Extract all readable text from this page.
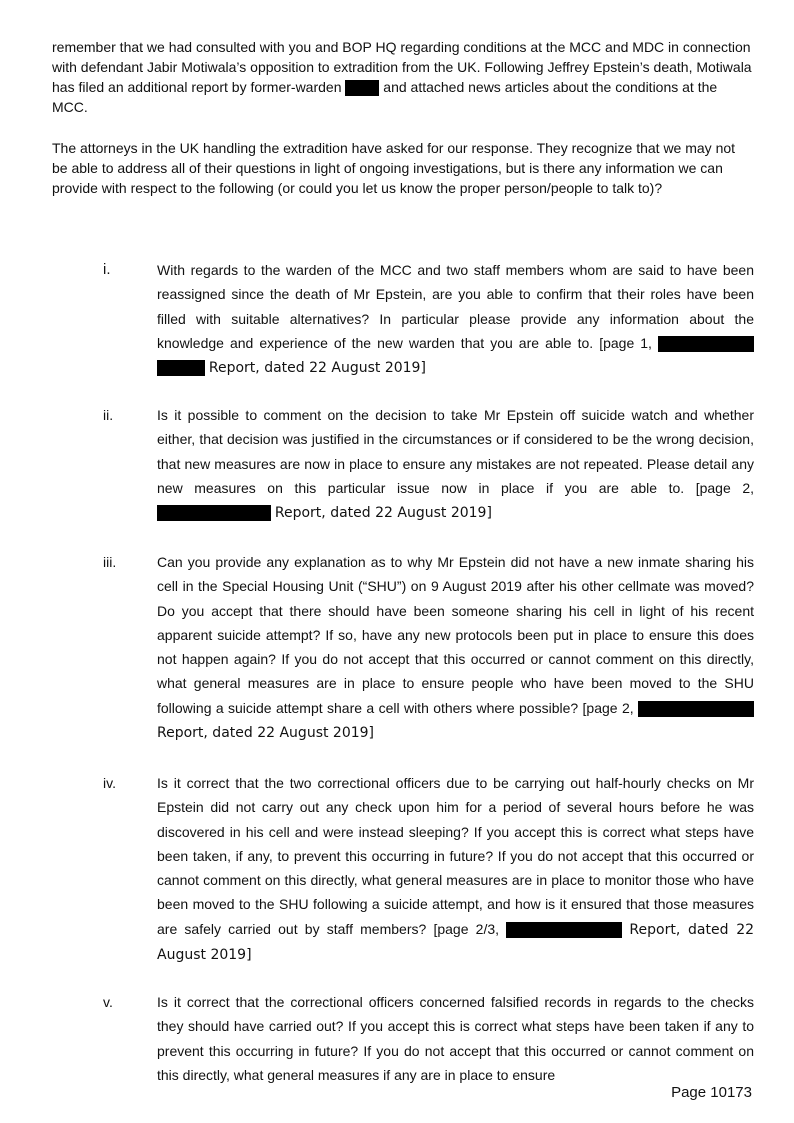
remember that we had consulted with you and BOP HQ regarding conditions at the MCC and MDC in connection with defendant Jabir Motiwala’s opposition to extradition from the UK. Following Jeffrey Epstein’s death, Motiwala has filed an additional report by former-warden	and attached news articles about the conditions at the MCC.

The attorneys in the UK handling the extradition have asked for our response. They recognize that we may not be able to address all of their questions in light of ongoing investigations, but is there any information we can provide with respect to the following (or could you let us know the proper person/people to talk to)?

i.	With regards to the warden of the MCC and two staff members whom are said to have been reassigned since the death of Mr Epstein, are you able to confirm that their roles have been filled with suitable alternatives? In particular please provide any information about the knowledge and experience of the new warden that you are able to. [page 1,   Report, dated 22 August 2019]

ii.	Is it possible to comment on the decision to take Mr Epstein off suicide watch and whether either, that decision was justified in the circumstances or if considered to be the wrong decision, that new measures are now in place to ensure any mistakes are not repeated. Please detail any new measures on this particular issue now in place if you are able to. [page 2,  Report, dated 22 August 2019]

iii.	Can you provide any explanation as to why Mr Epstein did not have a new inmate sharing his cell in the Special Housing Unit (“SHU”) on 9 August 2019 after his other cellmate was moved? Do you accept that there should have been someone sharing his cell in light of his recent apparent suicide attempt? If so, have any new protocols been put in place to ensure this does not happen again? If you do not accept that this occurred or cannot comment on this directly, what general measures are in place to ensure people who have been moved to the SHU following a suicide attempt share a cell with others where possible? [page 2,  Report, dated 22 August 2019]

iv.	Is it correct that the two correctional officers due to be carrying out half-hourly checks on Mr Epstein did not carry out any check upon him for a period of several hours before he was discovered in his cell and were instead sleeping? If you accept this is correct what steps have been taken, if any, to prevent this occurring in future? If you do not accept that this occurred or cannot comment on this directly, what general measures are in place to monitor those who have been moved to the SHU following a suicide attempt, and how is it ensured that those measures are safely carried out by staff members? [page 2/3,	Report, dated 22 August 2019]

v.	Is it correct that the correctional officers concerned falsified records in regards to the checks they should have carried out? If you accept this is correct what steps have been taken if any to prevent this occurring in future? If you do not accept that this occurred or cannot comment on this directly, what general measures if any are in place to ensure

Page 10173
